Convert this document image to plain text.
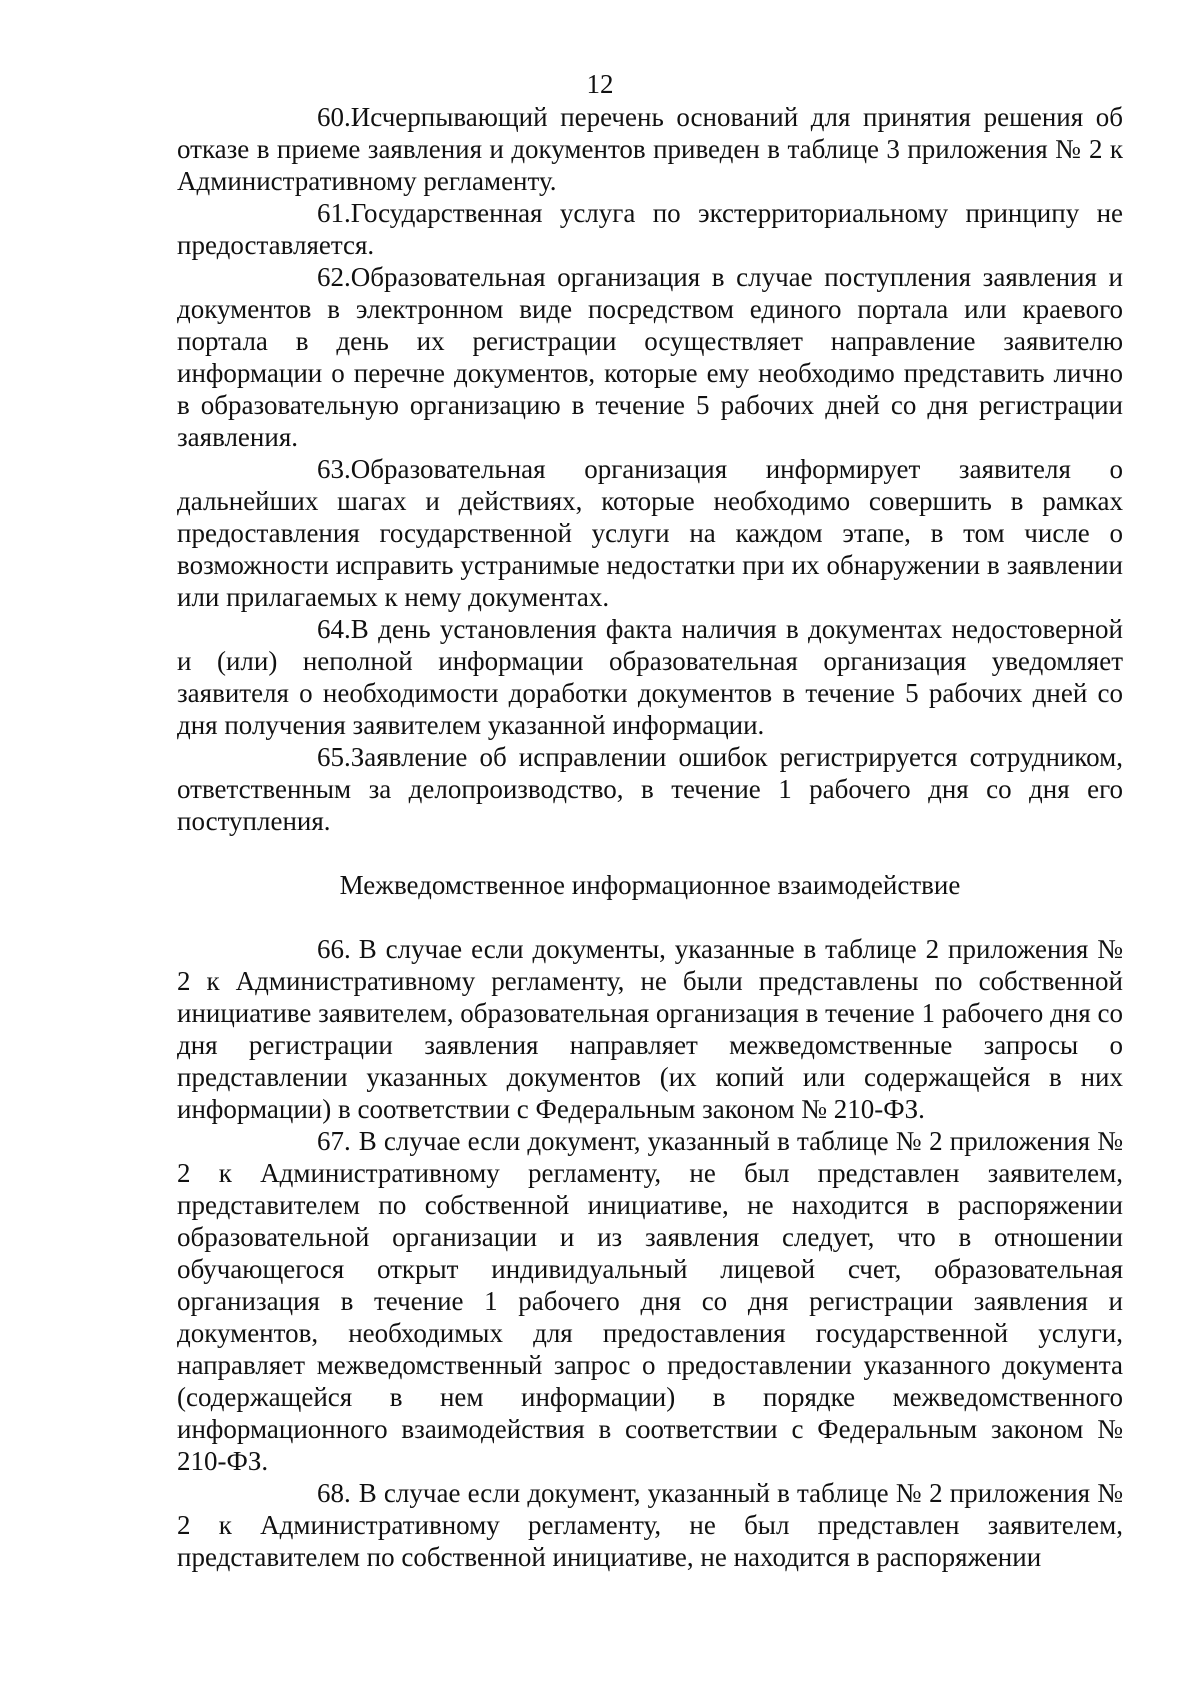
12

60.Исчерпывающий перечень оснований для принятия решения об отказе в приеме заявления и документов приведен в таблице 3 приложения № 2 к Административному регламенту.

61.Государственная услуга по экстерриториальному принципу не предоставляется.

62.Образовательная организация в случае поступления заявления и документов в электронном виде посредством единого портала или краевого портала в день их регистрации осуществляет направление заявителю информации о перечне документов, которые ему необходимо представить лично в образовательную организацию в течение 5 рабочих дней со дня регистрации заявления.

63.Образовательная организация информирует заявителя о дальнейших шагах и действиях, которые необходимо совершить в рамках предоставления государственной услуги на каждом этапе, в том числе о возможности исправить устранимые недостатки при их обнаружении в заявлении или прилагаемых к нему документах.

64.В день установления факта наличия в документах недостоверной и (или) неполной информации образовательная организация уведомляет заявителя о необходимости доработки документов в течение 5 рабочих дней со дня получения заявителем указанной информации.

65.Заявление об исправлении ошибок регистрируется сотрудником, ответственным за делопроизводство, в течение 1 рабочего дня со дня его поступления.

Межведомственное информационное взаимодействие

66. В случае если документы, указанные в таблице 2 приложения № 2 к Административному регламенту, не были представлены по собственной инициативе заявителем, образовательная организация в течение 1 рабочего дня со дня регистрации заявления направляет межведомственные запросы о представлении указанных документов (их копий или содержащейся в них информации) в соответствии с Федеральным законом № 210-ФЗ.

67. В случае если документ, указанный в таблице № 2 приложения № 2 к Административному регламенту, не был представлен заявителем, представителем по собственной инициативе, не находится в распоряжении образовательной организации и из заявления следует, что в отношении обучающегося открыт индивидуальный лицевой счет, образовательная организация в течение 1 рабочего дня со дня регистрации заявления и документов, необходимых для предоставления государственной услуги, направляет межведомственный запрос о предоставлении указанного документа (содержащейся в нем информации) в порядке межведомственного информационного взаимодействия в соответствии с Федеральным законом № 210-ФЗ.

68. В случае если документ, указанный в таблице № 2 приложения № 2 к Административному регламенту, не был представлен заявителем, представителем по собственной инициативе, не находится в распоряжении
